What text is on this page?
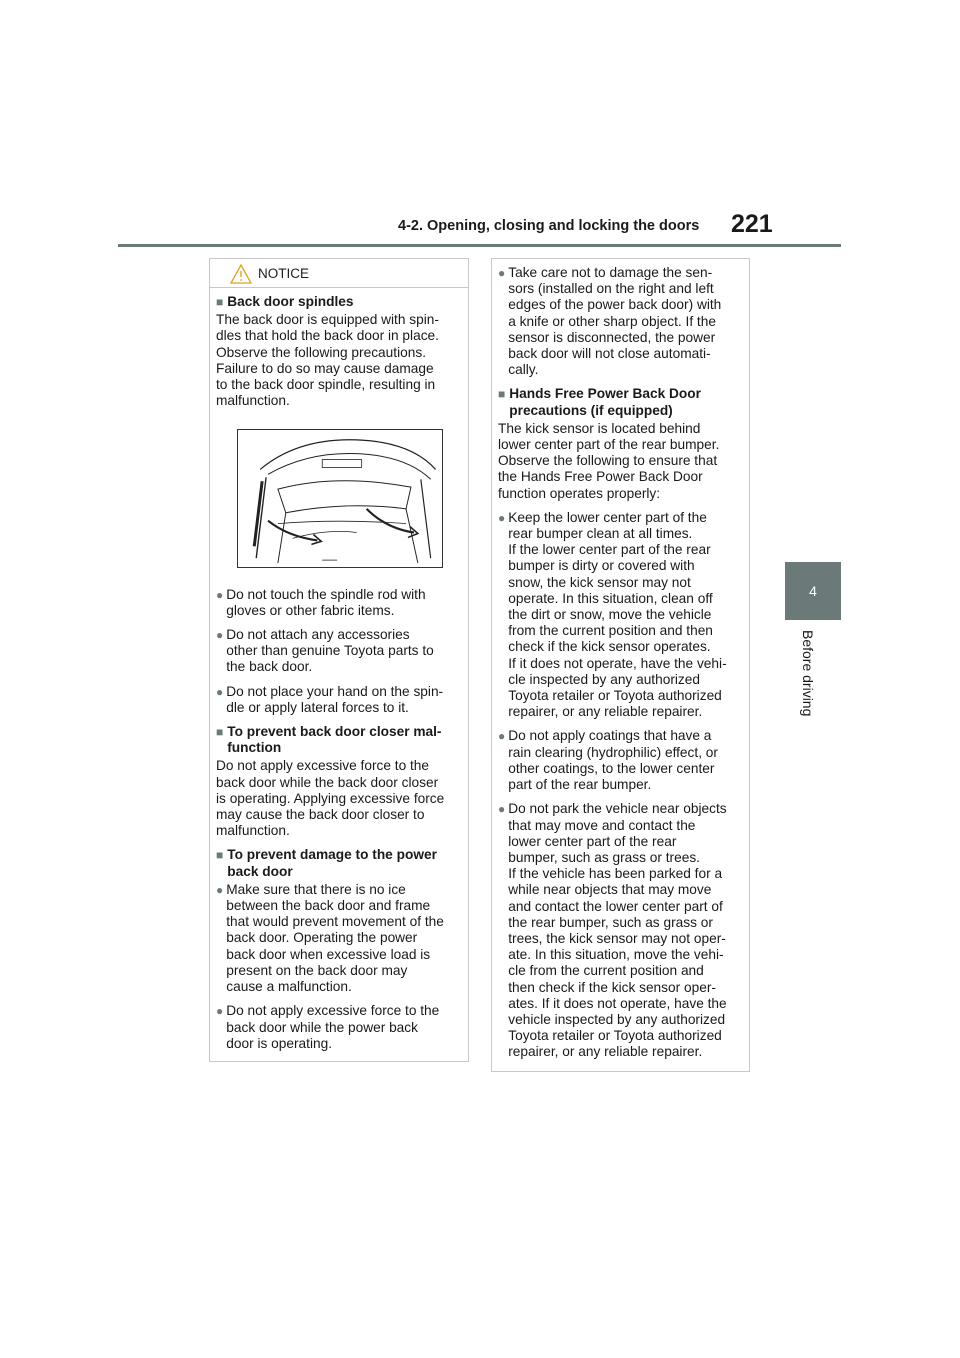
4-2. Opening, closing and locking the doors 221
4
Before driving
NOTICE
■ Back door spindles

The back door is equipped with spin-
dles that hold the back door in place.
Observe the following precautions.
Failure to do so may cause damage
to the back door spindle, resulting in
malfunction.

● Do not touch the spindle rod with
gloves or other fabric items.
● Do not attach any accessories
other than genuine Toyota parts to
the back door.
● Do not place your hand on the spin-
dle or apply lateral forces to it.
■ To prevent back door closer mal-
function

Do not apply excessive force to the
back door while the back door closer
is operating. Applying excessive force
may cause the back door closer to
malfunction.

■ To prevent damage to the power
back door
● Make sure that there is no ice
between the back door and frame
that would prevent movement of the
back door. Operating the power
back door when excessive load is
present on the back door may
cause a malfunction.
● Do not apply excessive force to the
back door while the power back
door is operating.
● Take care not to damage the sen-
sors (installed on the right and left
edges of the power back door) with
a knife or other sharp object. If the
sensor is disconnected, the power
back door will not close automati-
cally.
■ Hands Free Power Back Door
precautions (if equipped)

The kick sensor is located behind
lower center part of the rear bumper.
Observe the following to ensure that
the Hands Free Power Back Door
function operates properly:

● Keep the lower center part of the
rear bumper clean at all times.
If the lower center part of the rear
bumper is dirty or covered with
snow, the kick sensor may not
operate. In this situation, clean off
the dirt or snow, move the vehicle
from the current position and then
check if the kick sensor operates.
If it does not operate, have the vehi-
cle inspected by any authorized
Toyota retailer or Toyota authorized
repairer, or any reliable repairer.
● Do not apply coatings that have a
rain clearing (hydrophilic) effect, or
other coatings, to the lower center
part of the rear bumper.
● Do not park the vehicle near objects
that may move and contact the
lower center part of the rear
bumper, such as grass or trees.
If the vehicle has been parked for a
while near objects that may move
and contact the lower center part of
the rear bumper, such as grass or
trees, the kick sensor may not oper-
ate. In this situation, move the vehi-
cle from the current position and
then check if the kick sensor oper-
ates. If it does not operate, have the
vehicle inspected by any authorized
Toyota retailer or Toyota authorized
repairer, or any reliable repairer.
